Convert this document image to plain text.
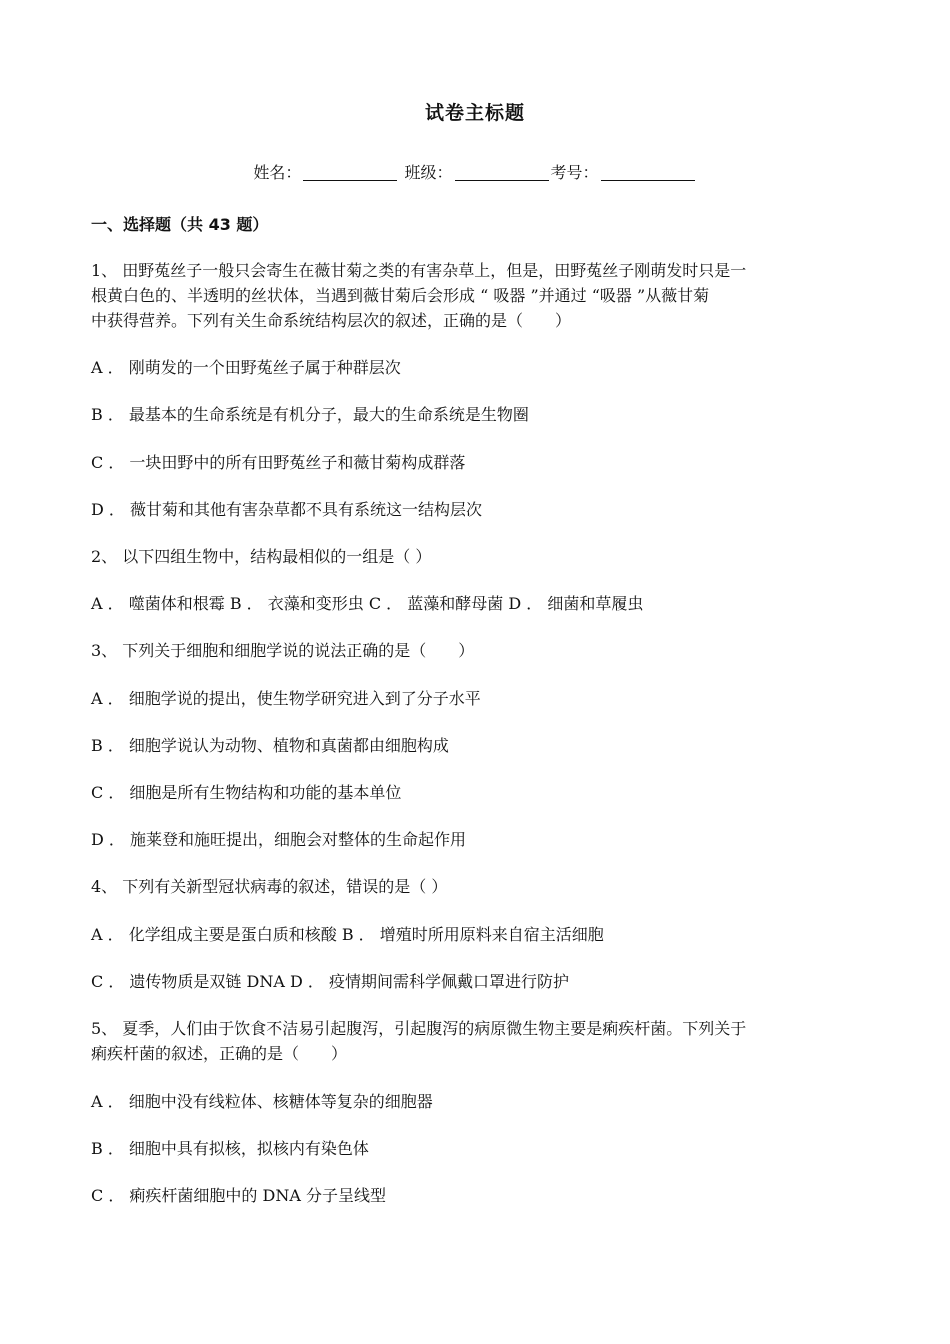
试卷主标题
姓名：	班级：	考号：
一、选择题（共 43 题）
1、 田野菟丝子一般只会寄生在薇甘菊之类的有害杂草上，但是，田野菟丝子刚萌发时只是一
根黄白色的、半透明的丝状体，当遇到薇甘菊后会形成 “ 吸器 ”并通过 “吸器 ”从薇甘菊
中获得营养。下列有关生命系统结构层次的叙述，正确的是（　　）
A ． 刚萌发的一个田野菟丝子属于种群层次
B ． 最基本的生命系统是有机分子，最大的生命系统是生物圈
C ． 一块田野中的所有田野菟丝子和薇甘菊构成群落
D ． 薇甘菊和其他有害杂草都不具有系统这一结构层次
2、 以下四组生物中，结构最相似的一组是（ ）
A ． 噬菌体和根霉 B ． 衣藻和变形虫 C ． 蓝藻和酵母菌 D ． 细菌和草履虫
3、 下列关于细胞和细胞学说的说法正确的是（　　）
A ． 细胞学说的提出，使生物学研究进入到了分子水平
B ． 细胞学说认为动物、植物和真菌都由细胞构成
C ． 细胞是所有生物结构和功能的基本单位
D ． 施莱登和施旺提出，细胞会对整体的生命起作用
4、 下列有关新型冠状病毒的叙述，错误的是（ ）
A ． 化学组成主要是蛋白质和核酸 B ． 增殖时所用原料来自宿主活细胞
C ． 遗传物质是双链 DNA D ． 疫情期间需科学佩戴口罩进行防护
5、 夏季，人们由于饮食不洁易引起腹泻，引起腹泻的病原微生物主要是痢疾杆菌。下列关于
痢疾杆菌的叙述，正确的是（　　）
A ． 细胞中没有线粒体、核糖体等复杂的细胞器
B ． 细胞中具有拟核，拟核内有染色体
C ． 痢疾杆菌细胞中的 DNA 分子呈线型
